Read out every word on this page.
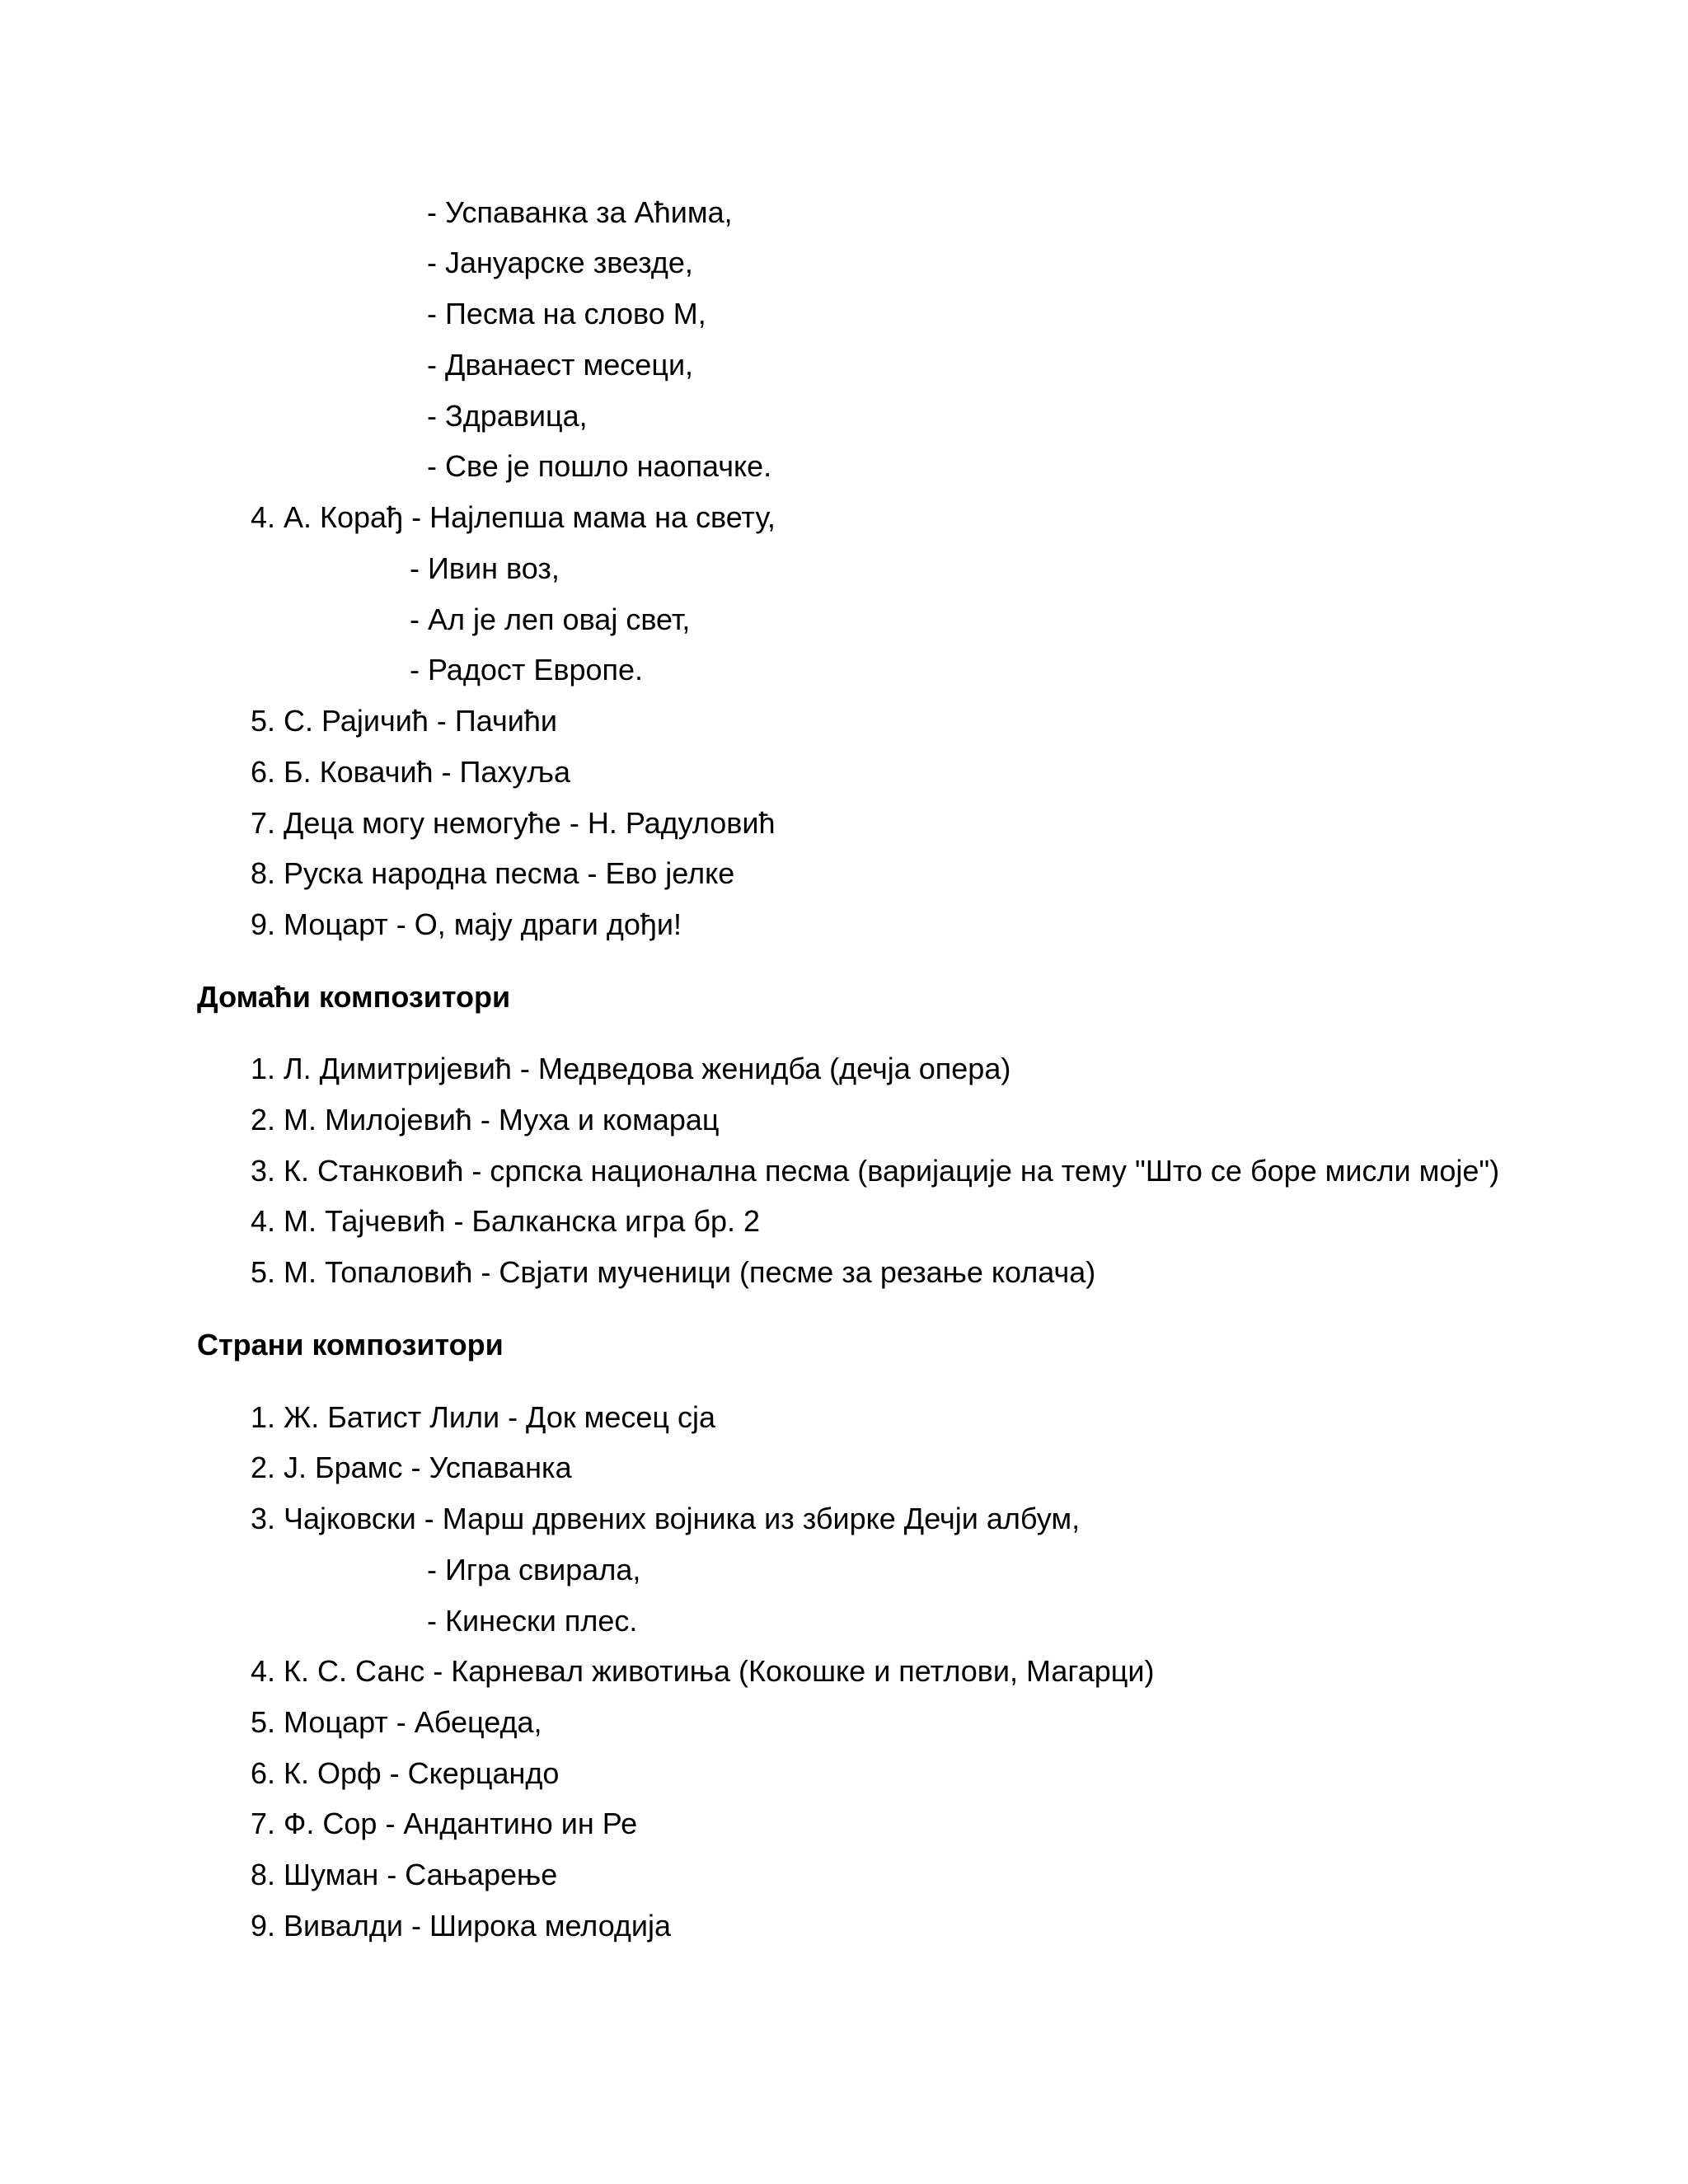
- Успаванка за Аћима,
- Јануарске звезде,
- Песма на слово М,
- Дванаест месеци,
- Здравица,
- Све је пошло наопачке.
4. А. Корађ - Најлепша мама на свету,
- Ивин воз,
- Ал је леп овај свет,
- Радост Европе.
5. С. Рајичић - Пачићи
6. Б. Ковачић - Пахуља
7. Деца могу немогуће - Н. Радуловић
8. Руска народна песма - Ево јелке
9. Моцарт - О, мају драги дођи!
Домаћи композитори
1. Л. Димитријевић - Медведова женидба (дечја опера)
2. М. Милојевић - Муха и комарац
3. К. Станковић - српска национална песма (варијације на тему "Што се боре мисли моје")
4. М. Тајчевић - Балканска игра бр. 2
5. М. Топаловић - Свјати мученици (песме за резање колача)
Страни композитори
1. Ж. Батист Лили - Док месец сја
2. Ј. Брамс - Успаванка
3. Чајковски - Марш дрвених војника из збирке Дечји албум,
- Игра свирала,
- Кинески плес.
4. К. С. Санс - Карневал животиња (Кокошке и петлови, Магарци)
5. Моцарт - Абецеда,
6. К. Орф - Скерцандо
7. Ф. Сор - Андантино ин Ре
8. Шуман - Сањарење
9. Вивалди - Широка мелодија
